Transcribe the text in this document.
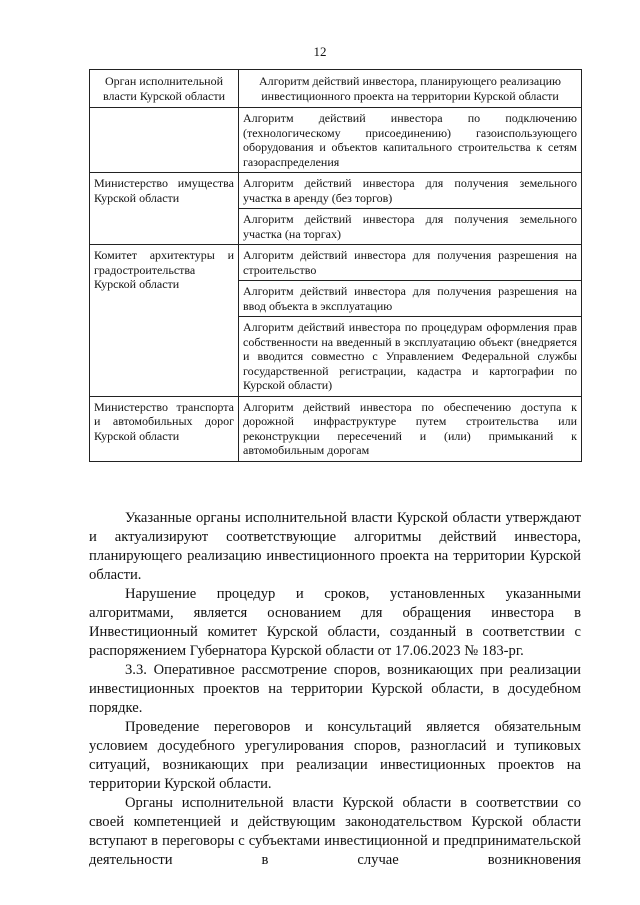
12
Орган исполнительной власти Курской области	Алгоритм действий инвестора, планирующего реализацию инвестиционного проекта на территории Курской области
	Алгоритм действий инвестора по подключению (технологическому присоединению) газоиспользующего оборудования и объектов капитального строительства к сетям газораспределения
Министерство имущества Курской области	Алгоритм действий инвестора для получения земельного участка в аренду (без торгов)
	Алгоритм действий инвестора для получения земельного участка (на торгах)
Комитет архитектуры и градостроительства Курской области	Алгоритм действий инвестора для получения разрешения на строительство
	Алгоритм действий инвестора для получения разрешения на ввод объекта в эксплуатацию
	Алгоритм действий инвестора по процедурам оформления прав собственности на введенный в эксплуатацию объект (внедряется и вводится совместно с Управлением Федеральной службы государственной регистрации, кадастра и картографии по Курской области)
Министерство транспорта и автомобильных дорог Курской области	Алгоритм действий инвестора по обеспечению доступа к дорожной инфраструктуре путем строительства или реконструкции пересечений и (или) примыканий к автомобильным дорогам

Указанные органы исполнительной власти Курской области утверждают и актуализируют соответствующие алгоритмы действий инвестора, планирующего реализацию инвестиционного проекта на территории Курской области.

Нарушение процедур и сроков, установленных указанными алгоритмами, является основанием для обращения инвестора в Инвестиционный комитет Курской области, созданный в соответствии с распоряжением Губернатора Курской области от 17.06.2023 № 183-рг.

3.3. Оперативное рассмотрение споров, возникающих при реализации инвестиционных проектов на территории Курской области, в досудебном порядке.

Проведение переговоров и консультаций является обязательным условием досудебного урегулирования споров, разногласий и тупиковых ситуаций, возникающих при реализации инвестиционных проектов на территории Курской области.

Органы исполнительной власти Курской области в соответствии со своей компетенцией и действующим законодательством Курской области вступают в переговоры с субъектами инвестиционной и предпринимательской деятельности в случае возникновения
